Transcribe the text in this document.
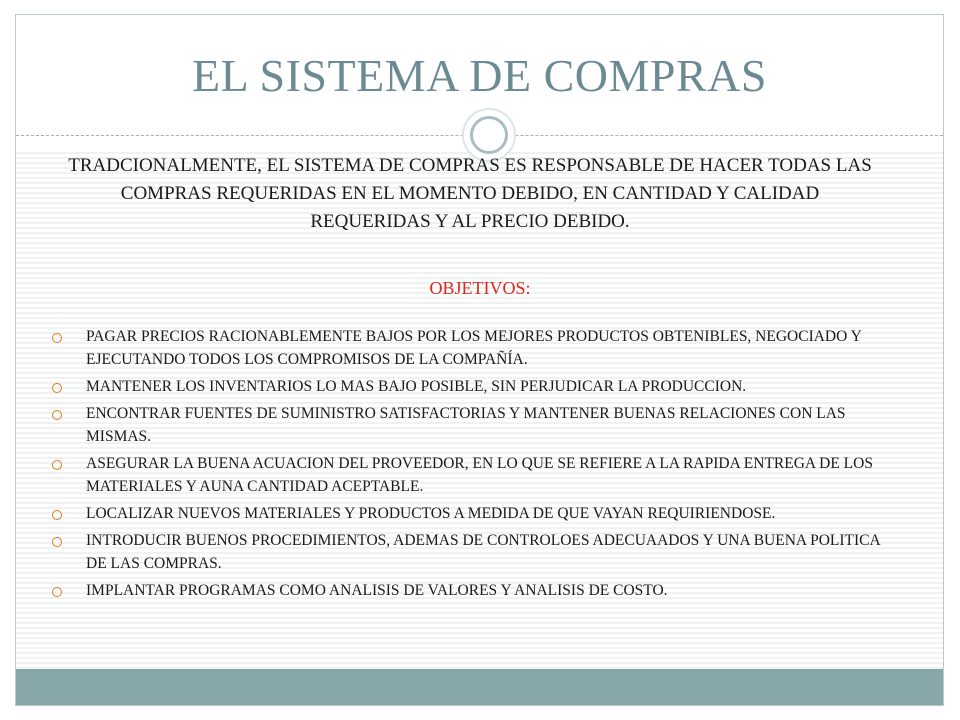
EL SISTEMA DE COMPRAS
TRADCIONALMENTE, EL SISTEMA DE COMPRAS ES RESPONSABLE DE HACER TODAS LAS COMPRAS REQUERIDAS EN EL MOMENTO DEBIDO, EN CANTIDAD Y CALIDAD REQUERIDAS Y AL PRECIO DEBIDO.
OBJETIVOS:
PAGAR PRECIOS RACIONABLEMENTE BAJOS POR LOS MEJORES PRODUCTOS OBTENIBLES, NEGOCIADO Y EJECUTANDO TODOS LOS COMPROMISOS DE LA COMPAÑÍA.
MANTENER LOS INVENTARIOS LO MAS BAJO POSIBLE, SIN PERJUDICAR LA PRODUCCION.
ENCONTRAR FUENTES DE SUMINISTRO SATISFACTORIAS Y MANTENER BUENAS RELACIONES CON LAS MISMAS.
ASEGURAR LA BUENA ACUACION DEL PROVEEDOR, EN LO QUE SE REFIERE A LA RAPIDA ENTREGA DE LOS MATERIALES Y AUNA CANTIDAD ACEPTABLE.
LOCALIZAR NUEVOS MATERIALES Y PRODUCTOS A MEDIDA DE QUE VAYAN REQUIRIENDOSE.
INTRODUCIR BUENOS PROCEDIMIENTOS, ADEMAS DE CONTROLOES ADECUAADOS Y UNA BUENA POLITICA DE LAS COMPRAS.
IMPLANTAR PROGRAMAS COMO ANALISIS DE VALORES Y ANALISIS DE COSTO.
